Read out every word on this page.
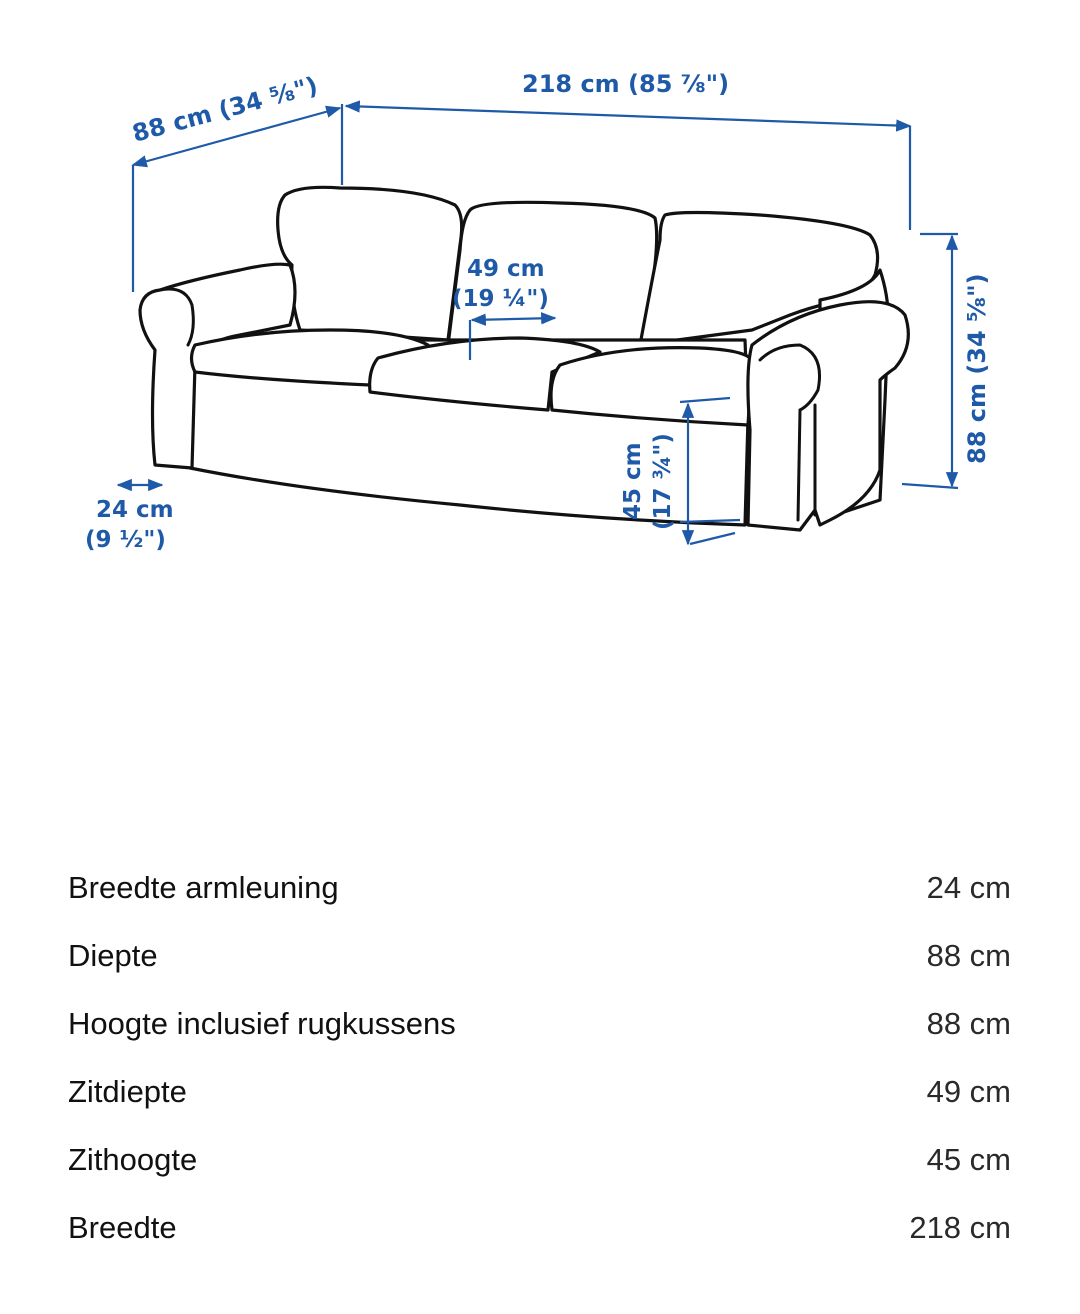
88 cm (34 ⁵⁄₈")	218 cm (85 ⅞")
49 cm
(19 ¼")	88 cm (34 ⁵⁄₈")
45 cm (17 ¾")
24 cm
(9 ½")
Breedte armleuning	24 cm
Diepte	88 cm
Hoogte inclusief rugkussens	88 cm
Zitdiepte	49 cm
Zithoogte	45 cm
Breedte	218 cm
